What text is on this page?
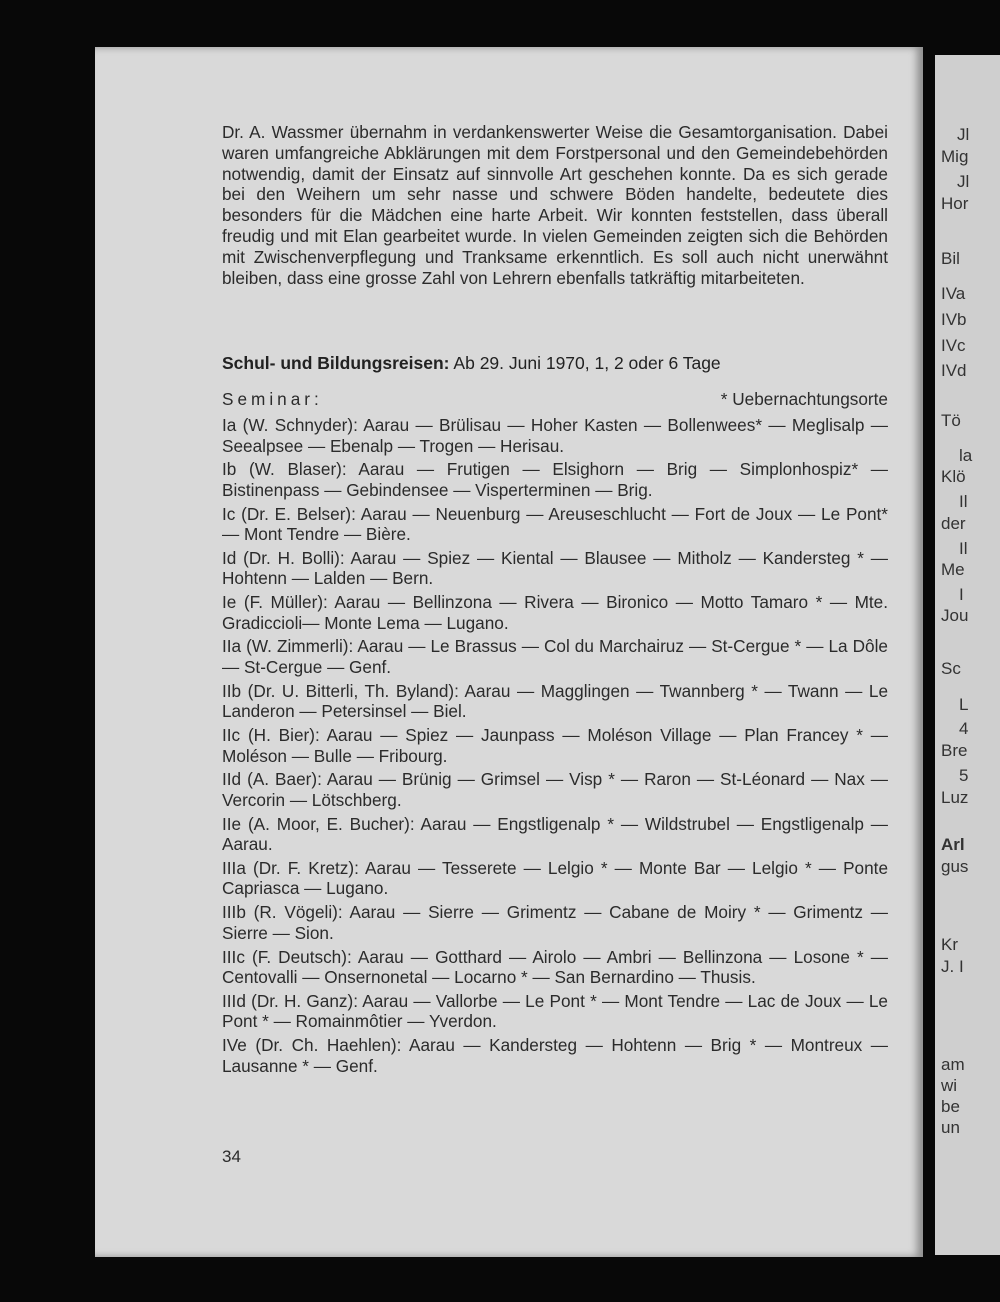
Jl
Mig
Jl
Hor
Bil
IVa
IVb
IVc
IVd
Tö
la
Klö
Il
der
Il
Me
I
Jou
Sc
L
4
Bre
5
Luz
Arl
gus
Kr
J. I
am
wi
be
un

Dr. A. Wassmer übernahm in verdankenswerter Weise die Gesamtorganisation. Dabei waren umfangreiche Abklärungen mit dem Forstpersonal und den Gemeindebehörden notwendig, damit der Einsatz auf sinnvolle Art geschehen konnte. Da es sich gerade bei den Weihern um sehr nasse und schwere Böden handelte, bedeutete dies besonders für die Mädchen eine harte Arbeit. Wir konnten feststellen, dass überall freudig und mit Elan gearbeitet wurde. In vielen Gemeinden zeigten sich die Behörden mit Zwischenverpflegung und Tranksame erkenntlich. Es soll auch nicht unerwähnt bleiben, dass eine grosse Zahl von Lehrern ebenfalls tatkräftig mitarbeiteten.

Schul- und Bildungsreisen: Ab 29. Juni 1970, 1, 2 oder 6 Tage
Seminar:	* Uebernachtungsorte

Ia (W. Schnyder): Aarau — Brülisau — Hoher Kasten — Bollenwees* — Meglisalp — Seealpsee — Ebenalp — Trogen — Herisau.

Ib (W. Blaser): Aarau — Frutigen — Elsighorn — Brig — Simplonhospiz* — Bistinenpass — Gebindensee — Visperterminen — Brig.

Ic (Dr. E. Belser): Aarau — Neuenburg — Areuseschlucht — Fort de Joux — Le Pont* — Mont Tendre — Bière.

Id (Dr. H. Bolli): Aarau — Spiez — Kiental — Blausee — Mitholz — Kandersteg * — Hohtenn — Lalden — Bern.

Ie (F. Müller): Aarau — Bellinzona — Rivera — Bironico — Motto Tamaro * — Mte. Gradiccioli— Monte Lema — Lugano.

IIa (W. Zimmerli): Aarau — Le Brassus — Col du Marchairuz — St-Cergue * — La Dôle — St-Cergue — Genf.

IIb (Dr. U. Bitterli, Th. Byland): Aarau — Magglingen — Twannberg * — Twann — Le Landeron — Petersinsel — Biel.

IIc (H. Bier): Aarau — Spiez — Jaunpass — Moléson Village — Plan Francey * — Moléson — Bulle — Fribourg.

IId (A. Baer): Aarau — Brünig — Grimsel — Visp * — Raron — St-Léonard — Nax — Vercorin — Lötschberg.

IIe (A. Moor, E. Bucher): Aarau — Engstligenalp * — Wildstrubel — Engstligenalp — Aarau.

IIIa (Dr. F. Kretz): Aarau — Tesserete — Lelgio * — Monte Bar — Lelgio * — Ponte Capriasca — Lugano.

IIIb (R. Vögeli): Aarau — Sierre — Grimentz — Cabane de Moiry * — Grimentz — Sierre — Sion.

IIIc (F. Deutsch): Aarau — Gotthard — Airolo — Ambri — Bellinzona — Losone * — Centovalli — Onsernonetal — Locarno * — San Bernardino — Thusis.

IIId (Dr. H. Ganz): Aarau — Vallorbe — Le Pont * — Mont Tendre — Lac de Joux — Le Pont * — Romainmôtier — Yverdon.

IVe (Dr. Ch. Haehlen): Aarau — Kandersteg — Hohtenn — Brig * — Montreux — Lausanne * — Genf.

34
